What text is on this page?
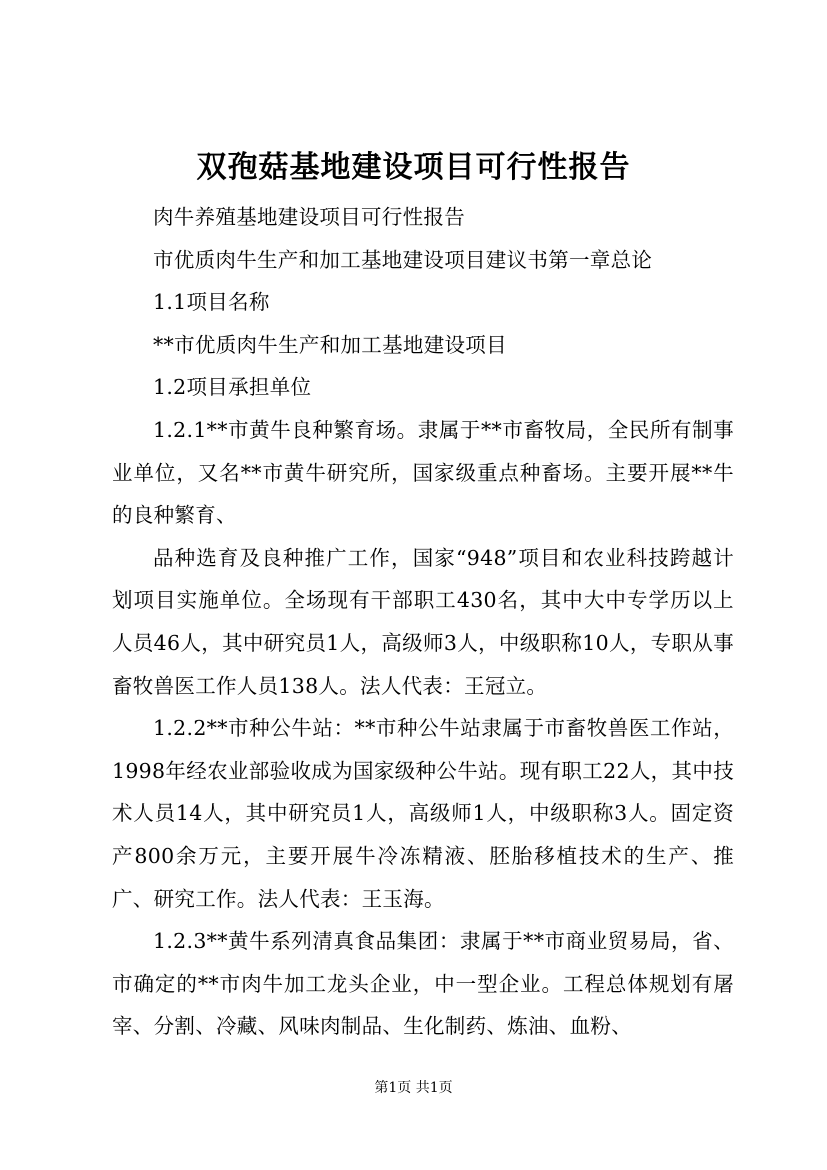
双孢菇基地建设项目可行性报告

肉牛养殖基地建设项目可行性报告

市优质肉牛生产和加工基地建设项目建议书第一章总论

1.1项目名称

**市优质肉牛生产和加工基地建设项目

1.2项目承担单位

1.2.1**市黄牛良种繁育场。隶属于**市畜牧局，全民所有制事业单位，又名**市黄牛研究所，国家级重点种畜场。主要开展**牛的良种繁育、

品种选育及良种推广工作，国家“948”项目和农业科技跨越计划项目实施单位。全场现有干部职工430名，其中大中专学历以上人员46人，其中研究员1人，高级师3人，中级职称10人，专职从事畜牧兽医工作人员138人。法人代表：王冠立。

1.2.2**市种公牛站：**市种公牛站隶属于市畜牧兽医工作站，1998年经农业部验收成为国家级种公牛站。现有职工22人，其中技术人员14人，其中研究员1人，高级师1人，中级职称3人。固定资产800余万元，主要开展牛冷冻精液、胚胎移植技术的生产、推广、研究工作。法人代表：王玉海。

1.2.3**黄牛系列清真食品集团：隶属于**市商业贸易局，省、市确定的**市肉牛加工龙头企业，中一型企业。工程总体规划有屠宰、分割、冷藏、风味肉制品、生化制药、炼油、血粉、

第1页 共1页
